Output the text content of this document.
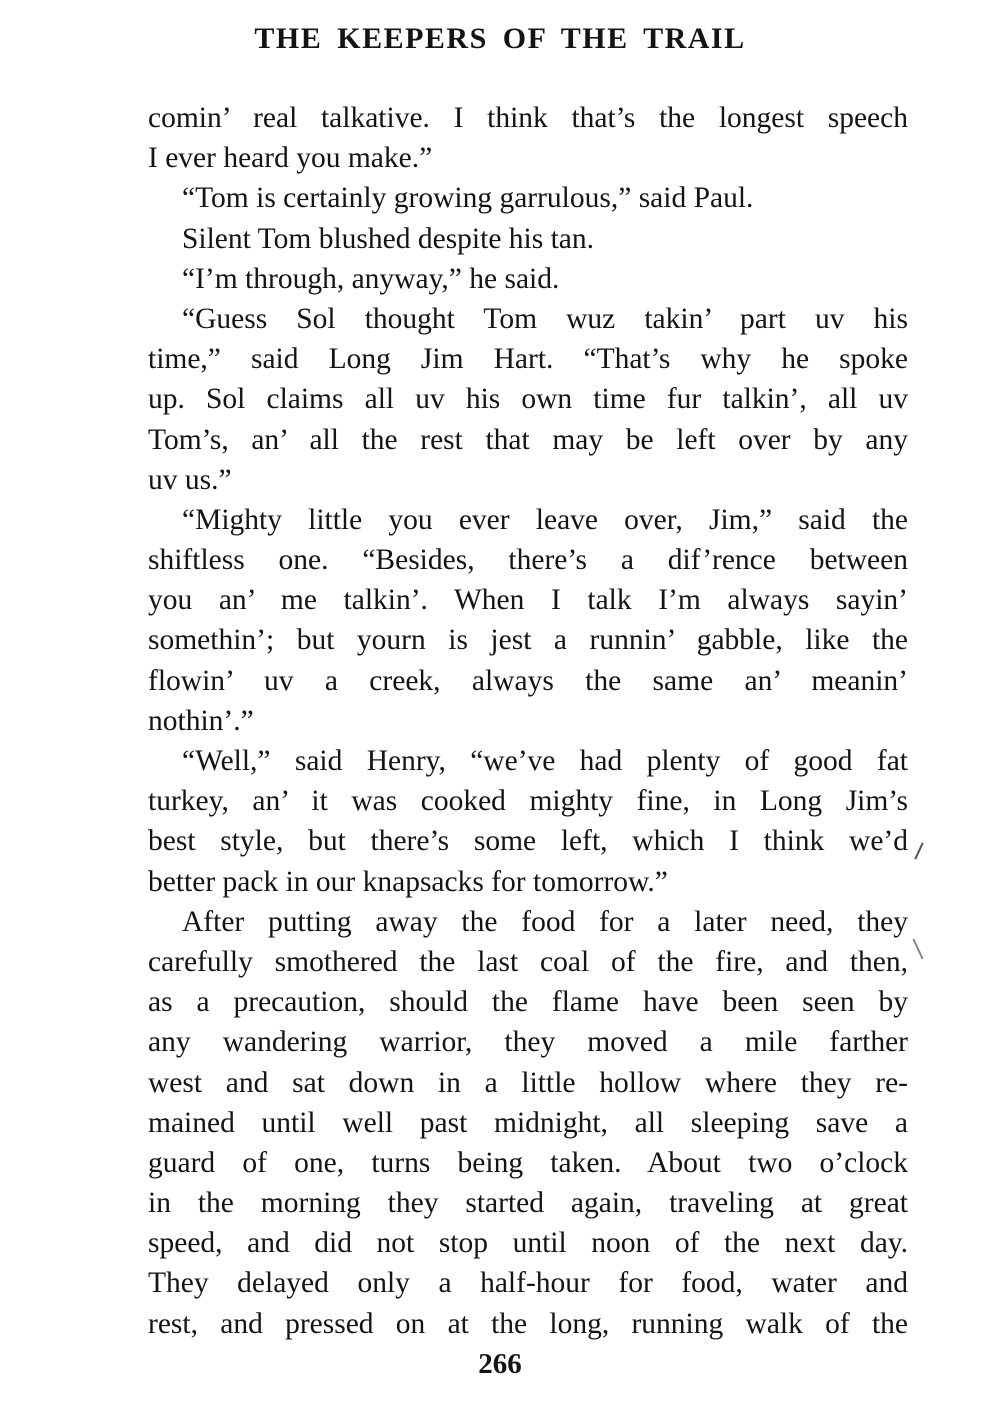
THE KEEPERS OF THE TRAIL
comin’ real talkative. I think that’s the longest speech
I ever heard you make.”
“Tom is certainly growing garrulous,” said Paul.
Silent Tom blushed despite his tan.
“I’m through, anyway,” he said.
“Guess Sol thought Tom wuz takin’ part uv his
time,” said Long Jim Hart. “That’s why he spoke
up. Sol claims all uv his own time fur talkin’, all uv
Tom’s, an’ all the rest that may be left over by any
uv us.”
“Mighty little you ever leave over, Jim,” said the
shiftless one. “Besides, there’s a dif’rence between
you an’ me talkin’. When I talk I’m always sayin’
somethin’; but yourn is jest a runnin’ gabble, like the
flowin’ uv a creek, always the same an’ meanin’
nothin’.”
“Well,” said Henry, “we’ve had plenty of good fat
turkey, an’ it was cooked mighty fine, in Long Jim’s
best style, but there’s some left, which I think we’d
better pack in our knapsacks for tomorrow.”
After putting away the food for a later need, they
carefully smothered the last coal of the fire, and then,
as a precaution, should the flame have been seen by
any wandering warrior, they moved a mile farther
west and sat down in a little hollow where they re-
mained until well past midnight, all sleeping save a
guard of one, turns being taken. About two o’clock
in the morning they started again, traveling at great
speed, and did not stop until noon of the next day.
They delayed only a half-hour for food, water and
rest, and pressed on at the long, running walk of the
266
